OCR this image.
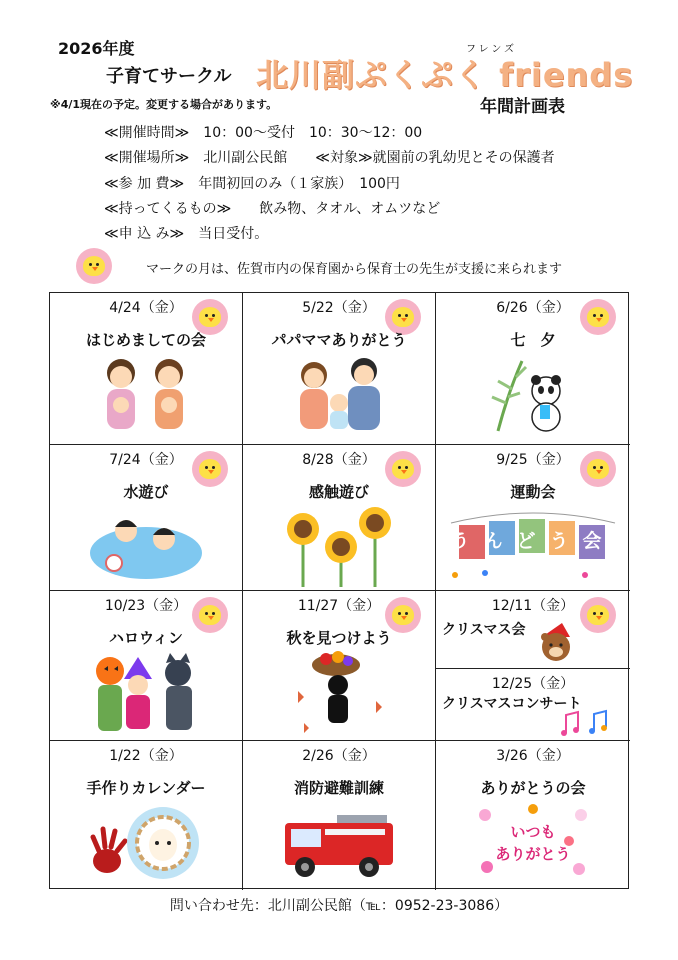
2026年度
子育てサークル 北川副ぷくぷく friends
フレンズ
※4/1現在の予定。変更する場合があります。	年間計画表
≪開催時間≫　10：00～受付　10：30～12：00
≪開催場所≫　北川副公民館　　≪対象≫就園前の乳幼児とその保護者
≪参 加 費≫　年間初回のみ（１家族）　100円
≪持ってくるもの≫　　飲み物、タオル、オムツなど
≪申 込 み≫　当日受付。
マークの月は、佐賀市内の保育園から保育士の先生が支援に来られます
4/24（金）
はじめましての会
5/22（金）
パパママありがとう
6/26（金）
七　夕
7/24（金）
水遊び
8/28（金）
感触遊び
9/25（金）
運動会
うんどう会
10/23（金）
ハロウィン
11/27（金）
秋を見つけよう
12/11（金）
クリスマス会
12/25（金）
クリスマスコンサート
1/22（金）
手作りカレンダー
2/26（金）
消防避難訓練
3/26（金）
ありがとうの会
いつも
ありがとう
問い合わせ先：北川副公民館（℡：0952-23-3086）
